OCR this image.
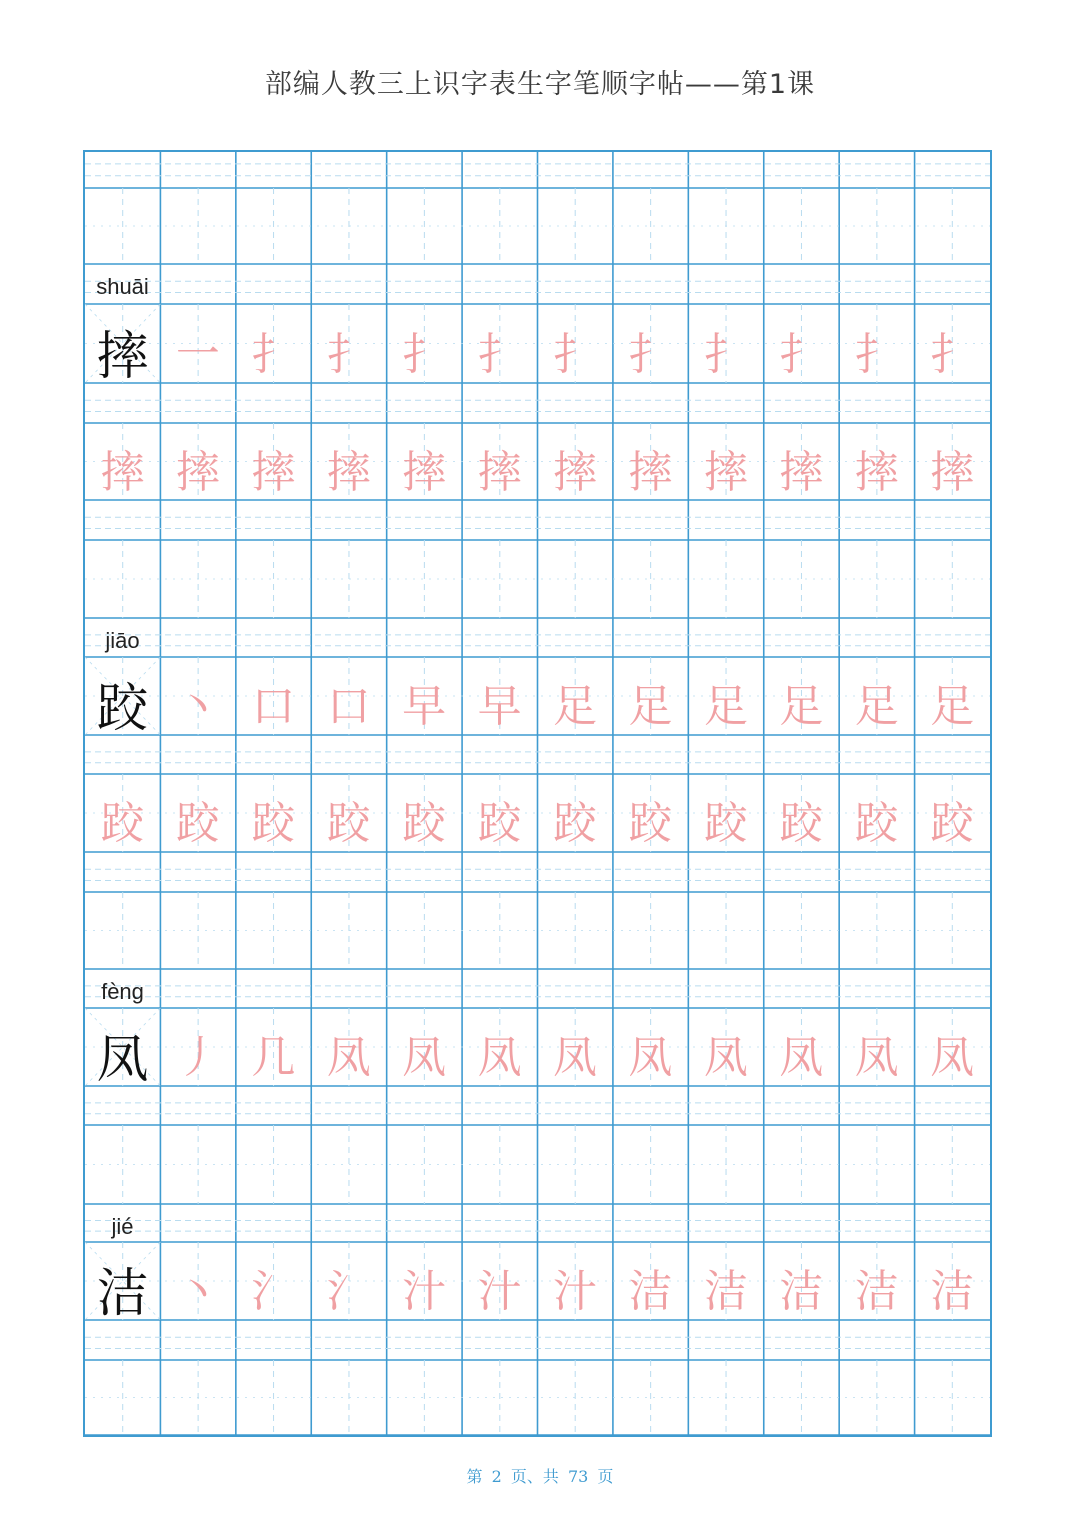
部编人教三上识字表生字笔顺字帖——第1课
shuāi
摔 一 扌 扌 扌 扌 扌 扌 扌 扌 扌 扌
摔 摔 摔 摔 摔 摔 摔 摔 摔 摔 摔 摔
jiāo
跤 丶 口 口 早 早 足 足 足 足 足 足
跤 跤 跤 跤 跤 跤 跤 跤 跤 跤 跤 跤
fèng
凤 丿 几 凤 凤 凤 凤 凤 凤 凤 凤 凤
jié
洁 丶 氵 氵 汁 汁 汁 洁 洁 洁 洁 洁
第 2 页、共 73 页
